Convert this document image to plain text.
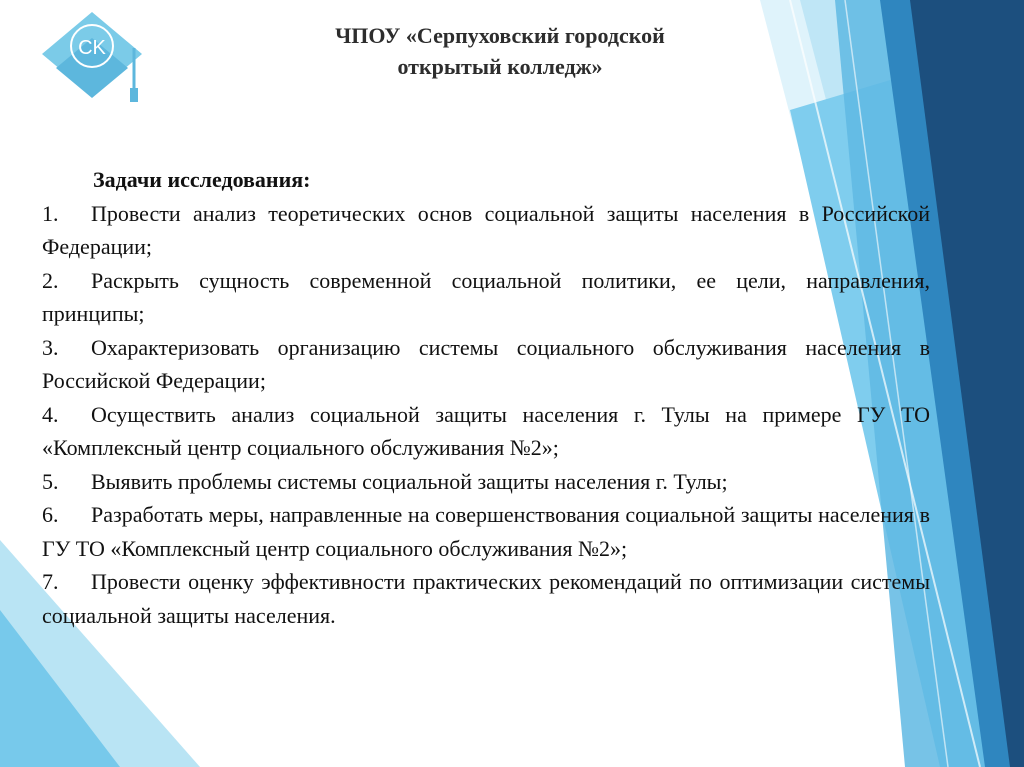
CK	ЧПОУ «Серпуховский городской
открытый колледж»

Задачи исследования:

1. Провести анализ теоретических основ социальной защиты населения в Российской Федерации;

2. Раскрыть сущность современной социальной политики, ее цели, направления, принципы;

3. Охарактеризовать организацию системы социального обслуживания населения в Российской Федерации;

4. Осуществить анализ социальной защиты населения г. Тулы на примере ГУ ТО «Комплексный центр социального обслуживания №2»;

5. Выявить проблемы системы социальной защиты населения г. Тулы;

6. Разработать меры, направленные на совершенствования социальной защиты населения в ГУ ТО «Комплексный центр социального обслуживания №2»;

7. Провести оценку эффективности практических рекомендаций по оптимизации системы социальной защиты населения.
